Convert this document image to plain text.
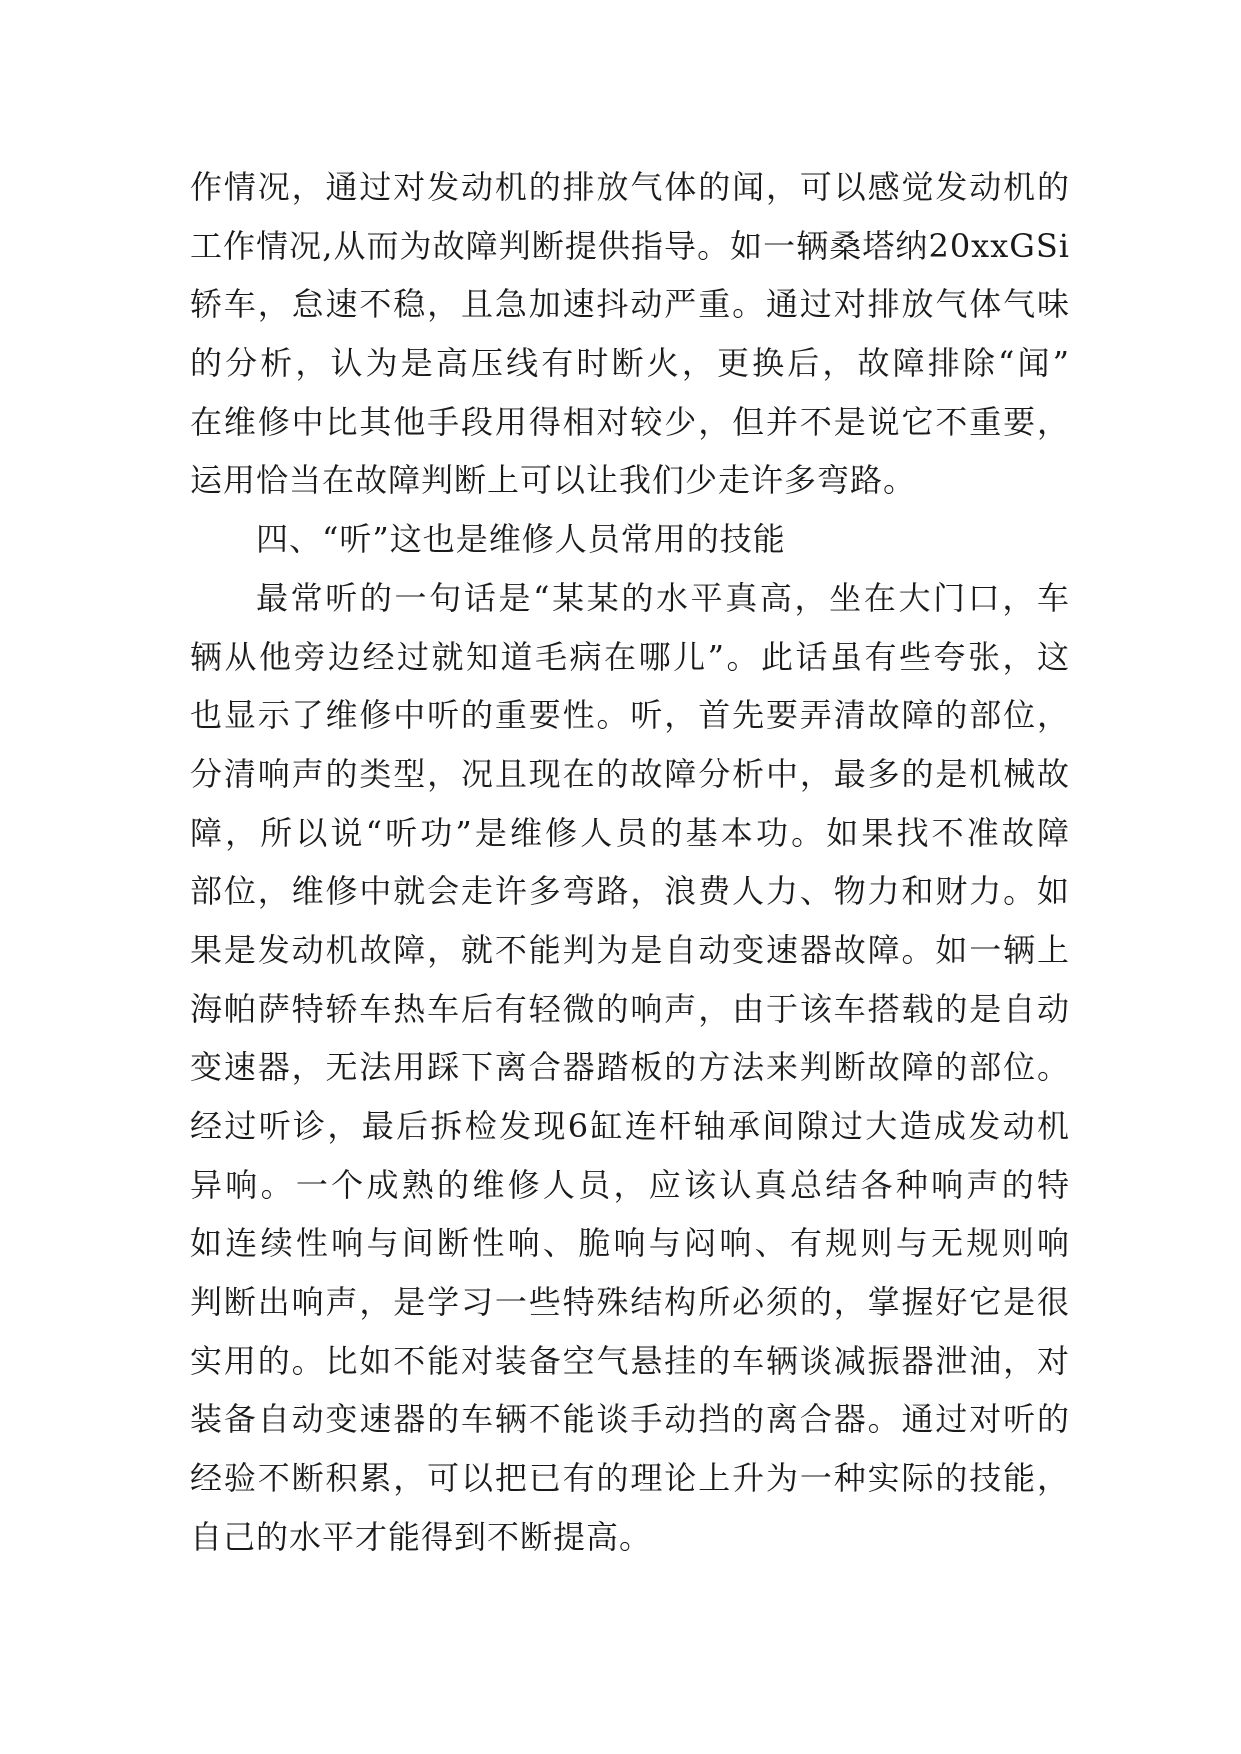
作情况，通过对发动机的排放气体的闻，可以感觉发动机的
工作情况,从而为故障判断提供指导。如一辆桑塔纳20xxGSi
轿车，怠速不稳，且急加速抖动严重。通过对排放气体气味
的分析，认为是高压线有时断火，更换后，故障排除“闻”
在维修中比其他手段用得相对较少，但并不是说它不重要，
运用恰当在故障判断上可以让我们少走许多弯路。
四、“听”这也是维修人员常用的技能
最常听的一句话是“某某的水平真高，坐在大门口，车
辆从他旁边经过就知道毛病在哪儿”。此话虽有些夸张，这
也显示了维修中听的重要性。听，首先要弄清故障的部位，
分清响声的类型，况且现在的故障分析中，最多的是机械故
障，所以说“听功”是维修人员的基本功。如果找不准故障
部位，维修中就会走许多弯路，浪费人力、物力和财力。如
果是发动机故障，就不能判为是自动变速器故障。如一辆上
海帕萨特轿车热车后有轻微的响声，由于该车搭载的是自动
变速器，无法用踩下离合器踏板的方法来判断故障的部位。
经过听诊，最后拆检发现6缸连杆轴承间隙过大造成发动机
异响。一个成熟的维修人员，应该认真总结各种响声的特
如连续性响与间断性响、脆响与闷响、有规则与无规则响
判断出响声，是学习一些特殊结构所必须的，掌握好它是很
实用的。比如不能对装备空气悬挂的车辆谈减振器泄油，对
装备自动变速器的车辆不能谈手动挡的离合器。通过对听的
经验不断积累，可以把已有的理论上升为一种实际的技能，
自己的水平才能得到不断提高。
